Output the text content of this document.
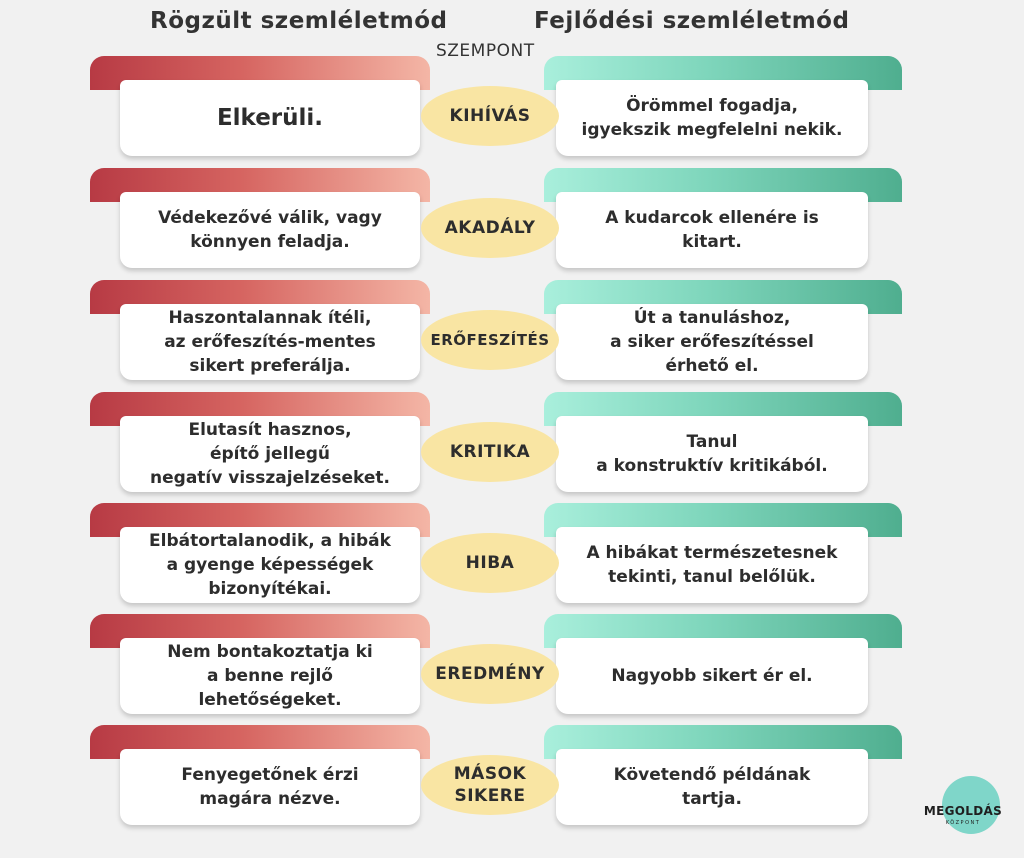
Rögzült szemléletmód	Fejlődési szemléletmód
SZEMPONT
Elkerüli.	Örömmel fogadja,
igyekszik megfelelni nekik.
KIHÍVÁS
Védekezővé válik, vagy
könnyen feladja.
A kudarcok ellenére is
kitart.
AKADÁLY
Haszontalannak ítéli,
az erőfeszítés-mentes
sikert preferálja.
Út a tanuláshoz,
a siker erőfeszítéssel
érhető el.
ERŐFESZÍTÉS
Elutasít hasznos,
építő jellegű
negatív visszajelzéseket.
Tanul
a konstruktív kritikából.
KRITIKA
Elbátortalanodik, a hibák
a gyenge képességek
bizonyítékai.
A hibákat természetesnek
tekinti, tanul belőlük.
HIBA
Nem bontakoztatja ki
a benne rejlő
lehetőségeket.
Nagyobb sikert ér el.
EREDMÉNY
Fenyegetőnek érzi
magára nézve.
Követendő példának
tartja.
MÁSOK
SIKERE
MEGOLDÁS
KÖZPONT
